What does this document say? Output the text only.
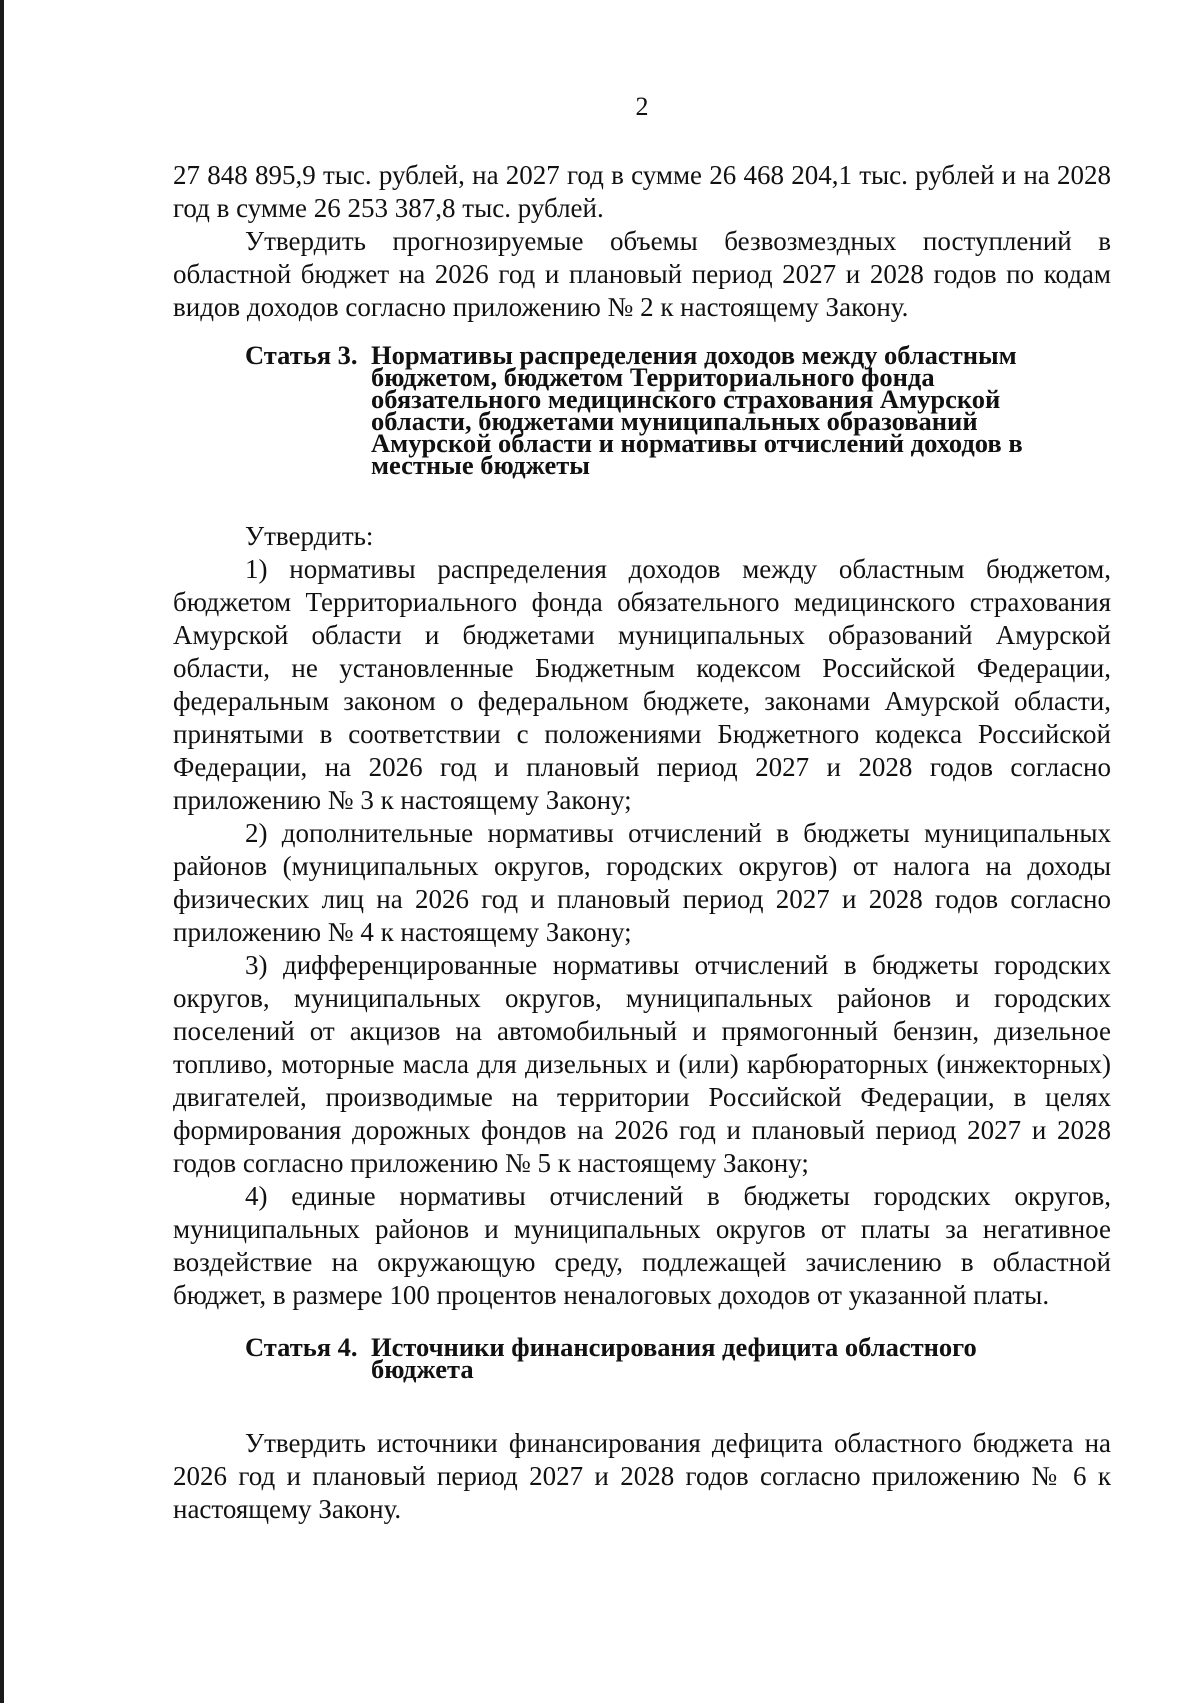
2

27 848 895,9 тыс. рублей, на 2027 год в сумме 26 468 204,1 тыс. рублей и на 2028 год в сумме 26 253 387,8 тыс. рублей.

Утвердить прогнозируемые объемы безвозмездных поступлений в областной бюджет на 2026 год и плановый период 2027 и 2028 годов по кодам видов доходов согласно приложению № 2 к настоящему Закону.

Статья 3. Нормативы распределения доходов между областным бюджетом, бюджетом Территориального фонда обязательного медицинского страхования Амурской области, бюджетами муниципальных образований Амурской области и нормативы отчислений доходов в местные бюджеты

Утвердить:

1) нормативы распределения доходов между областным бюджетом, бюджетом Территориального фонда обязательного медицинского страхования Амурской области и бюджетами муниципальных образований Амурской области, не установленные Бюджетным кодексом Российской Федерации, федеральным законом о федеральном бюджете, законами Амурской области, принятыми в соответствии с положениями Бюджетного кодекса Российской Федерации, на 2026 год и плановый период 2027 и 2028 годов согласно приложению № 3 к настоящему Закону;

2) дополнительные нормативы отчислений в бюджеты муниципальных районов (муниципальных округов, городских округов) от налога на доходы физических лиц на 2026 год и плановый период 2027 и 2028 годов согласно приложению № 4 к настоящему Закону;

3) дифференцированные нормативы отчислений в бюджеты городских округов, муниципальных округов, муниципальных районов и городских поселений от акцизов на автомобильный и прямогонный бензин, дизельное топливо, моторные масла для дизельных и (или) карбюраторных (инжекторных) двигателей, производимые на территории Российской Федерации, в целях формирования дорожных фондов на 2026 год и плановый период 2027 и 2028 годов согласно приложению № 5 к настоящему Закону;

4) единые нормативы отчислений в бюджеты городских округов, муниципальных районов и муниципальных округов от платы за негативное воздействие на окружающую среду, подлежащей зачислению в областной бюджет, в размере 100 процентов неналоговых доходов от указанной платы.

Статья 4. Источники финансирования дефицита областного бюджета

Утвердить источники финансирования дефицита областного бюджета на 2026 год и плановый период 2027 и 2028 годов согласно приложению № 6 к настоящему Закону.
